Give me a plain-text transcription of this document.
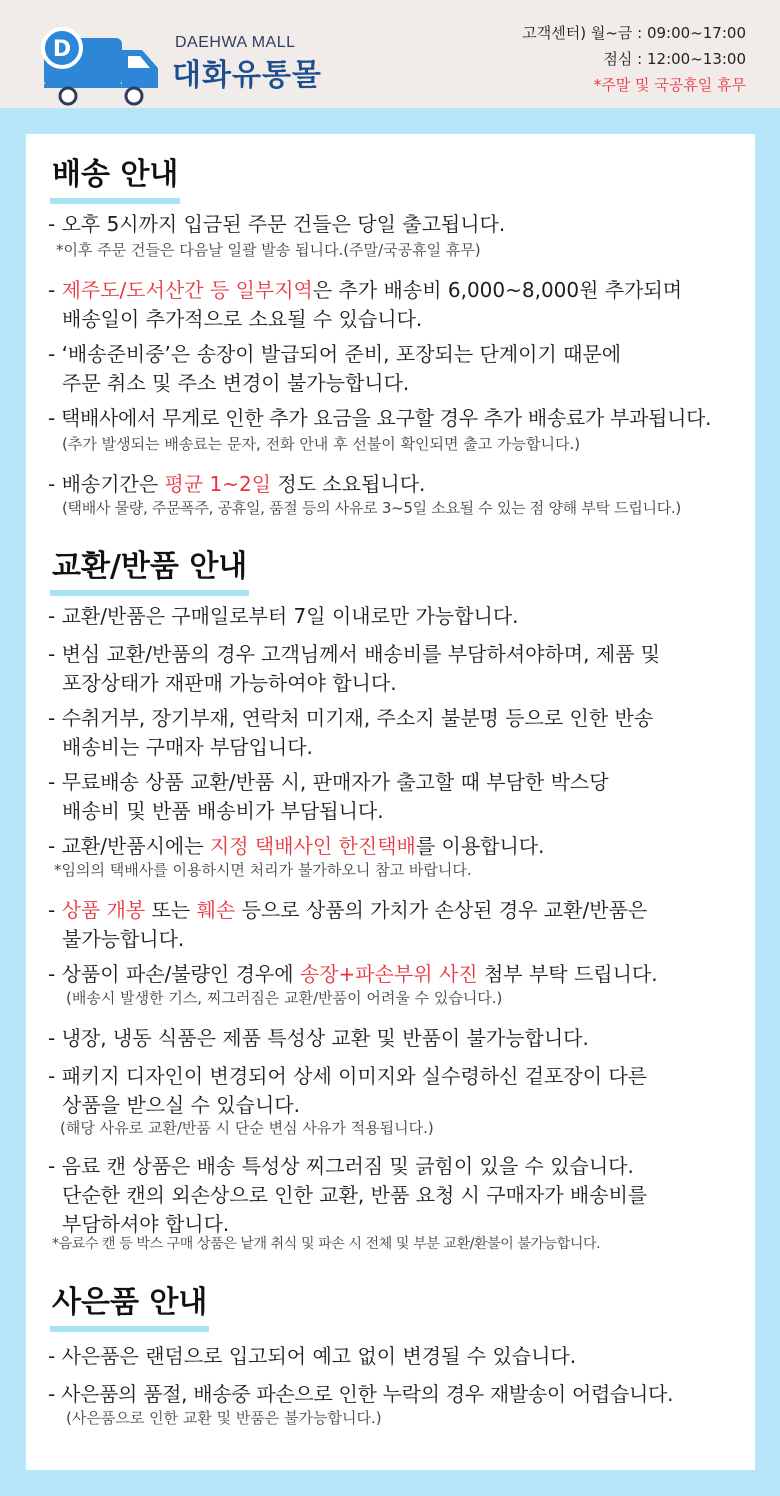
D	DAEHWA MALL
대화유통몰
고객센터) 월~금 : 09:00~17:00
점심 : 12:00~13:00
*주말 및 국공휴일 휴무
배송 안내
- 오후 5시까지 입금된 주문 건들은 당일 출고됩니다.
*이후 주문 건들은 다음날 일괄 발송 됩니다.(주말/국공휴일 휴무)
- 제주도/도서산간 등 일부지역은 추가 배송비 6,000~8,000원 추가되며
배송일이 추가적으로 소요될 수 있습니다.
- ‘배송준비중’은 송장이 발급되어 준비, 포장되는 단계이기 때문에
주문 취소 및 주소 변경이 불가능합니다.
- 택배사에서 무게로 인한 추가 요금을 요구할 경우 추가 배송료가 부과됩니다.
(추가 발생되는 배송료는 문자, 전화 안내 후 선불이 확인되면 출고 가능합니다.)
- 배송기간은 평균 1~2일 정도 소요됩니다.
(택배사 물량, 주문폭주, 공휴일, 품절 등의 사유로 3~5일 소요될 수 있는 점 양해 부탁 드립니다.)
교환/반품 안내
- 교환/반품은 구매일로부터 7일 이내로만 가능합니다.
- 변심 교환/반품의 경우 고객님께서 배송비를 부담하셔야하며, 제품 및
포장상태가 재판매 가능하여야 합니다.
- 수취거부, 장기부재, 연락처 미기재, 주소지 불분명 등으로 인한 반송
배송비는 구매자 부담입니다.
- 무료배송 상품 교환/반품 시, 판매자가 출고할 때 부담한 박스당
배송비 및 반품 배송비가 부담됩니다.
- 교환/반품시에는 지정 택배사인 한진택배를 이용합니다.
*임의의 택배사를 이용하시면 처리가 불가하오니 참고 바랍니다.
- 상품 개봉 또는 훼손 등으로 상품의 가치가 손상된 경우 교환/반품은
불가능합니다.
- 상품이 파손/불량인 경우에 송장+파손부위 사진 첨부 부탁 드립니다.
(배송시 발생한 기스, 찌그러짐은 교환/반품이 어려울 수 있습니다.)
- 냉장, 냉동 식품은 제품 특성상 교환 및 반품이 불가능합니다.
- 패키지 디자인이 변경되어 상세 이미지와 실수령하신 겉포장이 다른
상품을 받으실 수 있습니다.
(해당 사유로 교환/반품 시 단순 변심 사유가 적용됩니다.)
- 음료 캔 상품은 배송 특성상 찌그러짐 및 긁힘이 있을 수 있습니다.
단순한 캔의 외손상으로 인한 교환, 반품 요청 시 구매자가 배송비를
부담하셔야 합니다.
*음료수 캔 등 박스 구매 상품은 낱개 취식 및 파손 시 전체 및 부분 교환/환불이 불가능합니다.
사은품 안내
- 사은품은 랜덤으로 입고되어 예고 없이 변경될 수 있습니다.
- 사은품의 품절, 배송중 파손으로 인한 누락의 경우 재발송이 어렵습니다.
(사은품으로 인한 교환 및 반품은 불가능합니다.)
